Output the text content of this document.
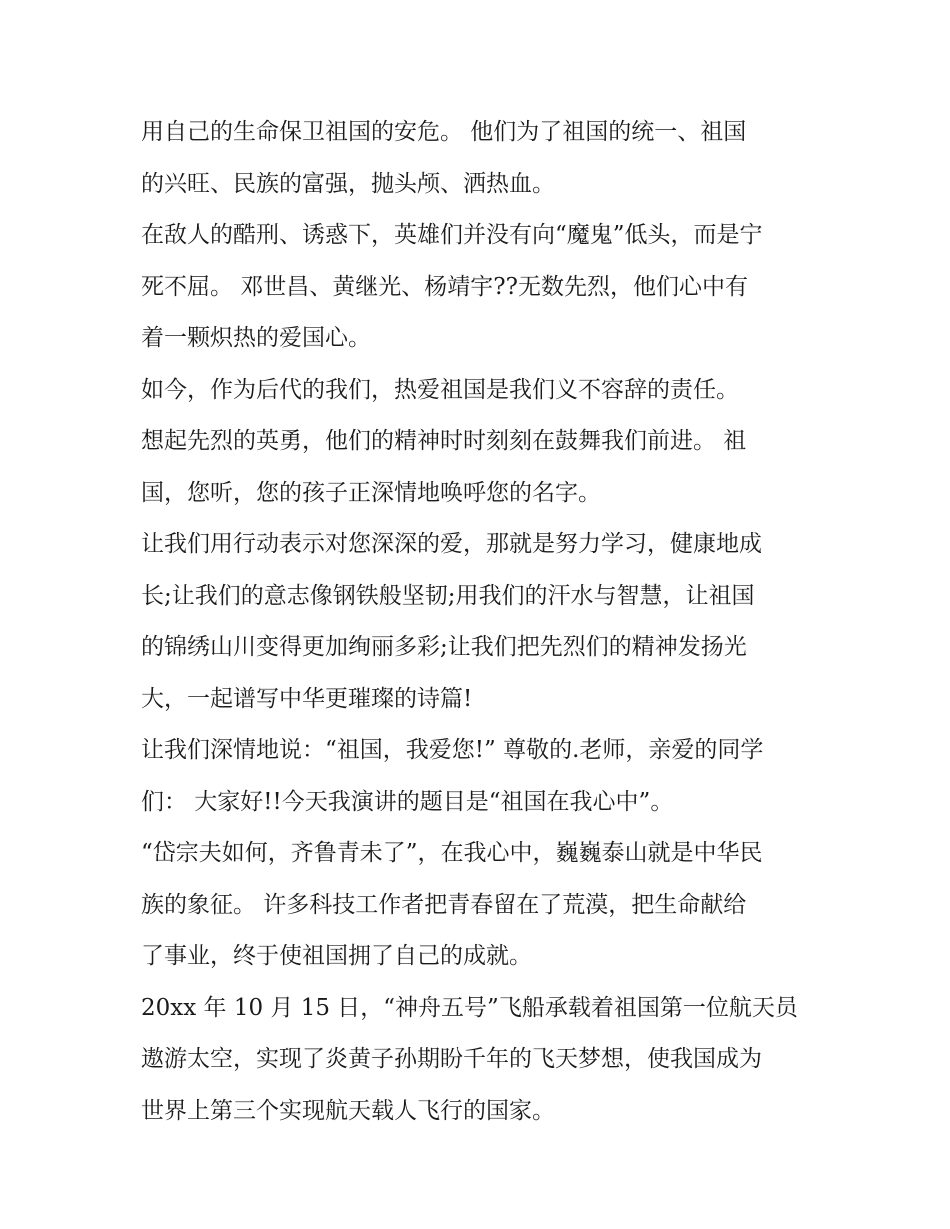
用自己的生命保卫祖国的安危。 他们为了祖国的统一、祖国
的兴旺、民族的富强，抛头颅、洒热血。
在敌人的酷刑、诱惑下，英雄们并没有向“魔鬼”低头，而是宁
死不屈。 邓世昌、黄继光、杨靖宇??无数先烈，他们心中有
着一颗炽热的爱国心。
如今，作为后代的我们，热爱祖国是我们义不容辞的责任。
想起先烈的英勇，他们的精神时时刻刻在鼓舞我们前进。 祖
国，您听，您的孩子正深情地唤呼您的名字。
让我们用行动表示对您深深的爱，那就是努力学习，健康地成
长;让我们的意志像钢铁般坚韧;用我们的汗水与智慧，让祖国
的锦绣山川变得更加绚丽多彩;让我们把先烈们的精神发扬光
大，一起谱写中华更璀璨的诗篇!
让我们深情地说：“祖国，我爱您!” 尊敬的.老师，亲爱的同学
们： 大家好!!今天我演讲的题目是“祖国在我心中”。
“岱宗夫如何，齐鲁青未了”，在我心中，巍巍泰山就是中华民
族的象征。 许多科技工作者把青春留在了荒漠，把生命献给
了事业，终于使祖国拥了自己的成就。
20xx 年 10 月 15 日，“神舟五号”飞船承载着祖国第一位航天员
遨游太空，实现了炎黄子孙期盼千年的飞天梦想，使我国成为
世界上第三个实现航天载人飞行的国家。
